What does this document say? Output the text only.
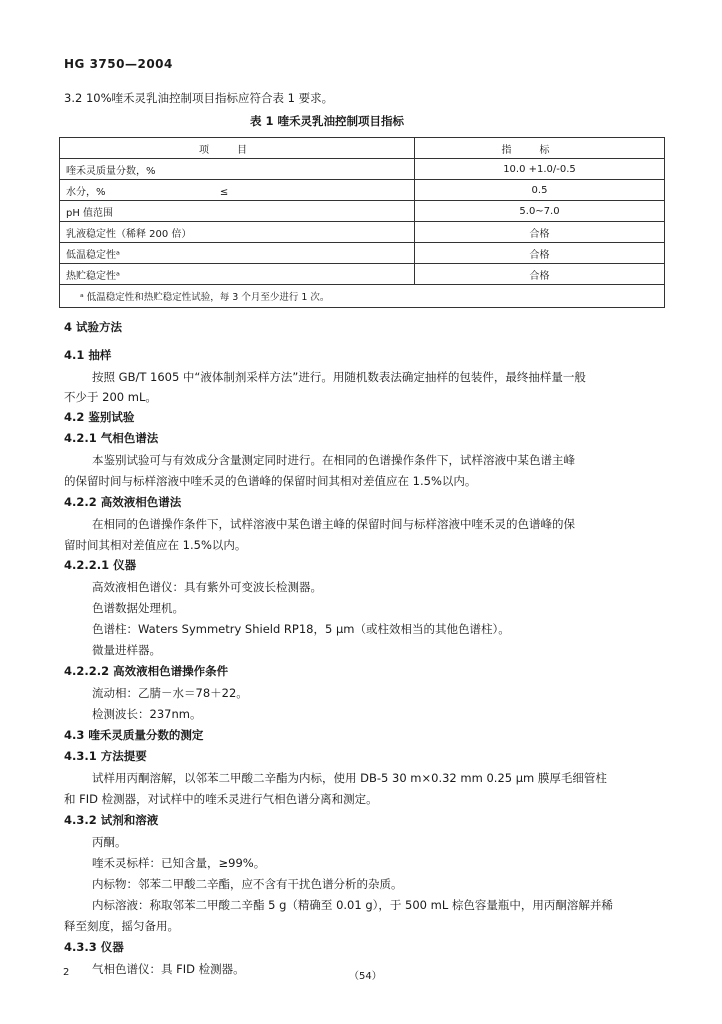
HG 3750—2004
3.2 10%喹禾灵乳油控制项目指标应符合表 1 要求。
表 1 喹禾灵乳油控制项目指标
项目	指标
喹禾灵质量分数，%	10.0 +1.0/-0.5
水分，%                                    ≤	0.5
pH 值范围	5.0~7.0
乳液稳定性（稀释 200 倍）	合格
低温稳定性ᵃ	合格
热贮稳定性ᵃ	合格
ᵃ 低温稳定性和热贮稳定性试验，每 3 个月至少进行 1 次。	
4 试验方法
4.1 抽样
按照 GB/T 1605 中“液体制剂采样方法”进行。用随机数表法确定抽样的包装件，最终抽样量一般
不少于 200 mL。
4.2 鉴别试验
4.2.1 气相色谱法
本鉴别试验可与有效成分含量测定同时进行。在相同的色谱操作条件下，试样溶液中某色谱主峰
的保留时间与标样溶液中喹禾灵的色谱峰的保留时间其相对差值应在 1.5%以内。
4.2.2 高效液相色谱法
在相同的色谱操作条件下，试样溶液中某色谱主峰的保留时间与标样溶液中喹禾灵的色谱峰的保
留时间其相对差值应在 1.5%以内。
4.2.2.1 仪器
高效液相色谱仪：具有紫外可变波长检测器。
色谱数据处理机。
色谱柱：Waters Symmetry Shield RP18，5 μm（或柱效相当的其他色谱柱）。
微量进样器。
4.2.2.2 高效液相色谱操作条件
流动相：乙腈－水＝78＋22。
检测波长：237nm。
4.3 喹禾灵质量分数的测定
4.3.1 方法提要
试样用丙酮溶解，以邻苯二甲酸二辛酯为内标，使用 DB-5 30 m×0.32 mm 0.25 μm 膜厚毛细管柱
和 FID 检测器，对试样中的喹禾灵进行气相色谱分离和测定。
4.3.2 试剂和溶液
丙酮。
喹禾灵标样：已知含量，≥99%。
内标物：邻苯二甲酸二辛酯，应不含有干扰色谱分析的杂质。
内标溶液：称取邻苯二甲酸二辛酯 5 g（精确至 0.01 g），于 500 mL 棕色容量瓶中，用丙酮溶解并稀
释至刻度，摇匀备用。
4.3.3 仪器
气相色谱仪：具 FID 检测器。
2	（54）
